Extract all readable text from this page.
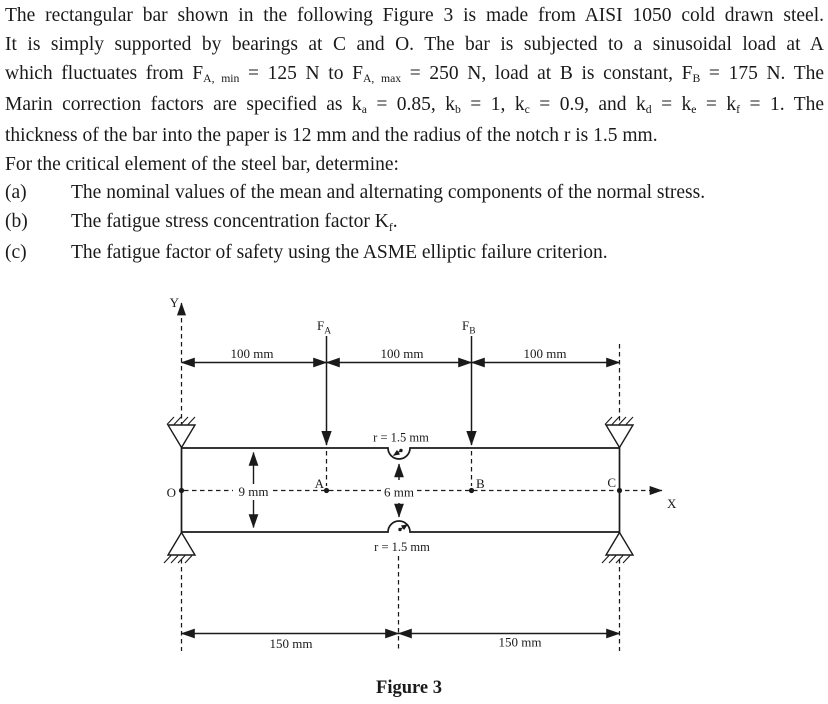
The rectangular bar shown in the following Figure 3 is made from AISI 1050 cold drawn steel.
It is simply supported by bearings at C and O. The bar is subjected to a sinusoidal load at A
which fluctuates from FA, min = 125 N to FA, max = 250 N, load at B is constant, FB = 175 N. The
Marin correction factors are specified as ka = 0.85, kb = 1, kc = 0.9, and kd = ke = kf = 1. The
thickness of the bar into the paper is 12 mm and the radius of the notch r is 1.5 mm.
For the critical element of the steel bar, determine:
(a)	The nominal values of the mean and alternating components of the normal stress.
(b)	The fatigue stress concentration factor Kf.
(c)	The fatigue factor of safety using the ASME elliptic failure criterion.
Y
X
100 mm	100 mm	100 mm
$F_A$	$F_B$
9 mm	6 mm
r = 1.5 mm
r = 1.5 mm
O
A	B	C
150 mm	150 mm
Figure 3
